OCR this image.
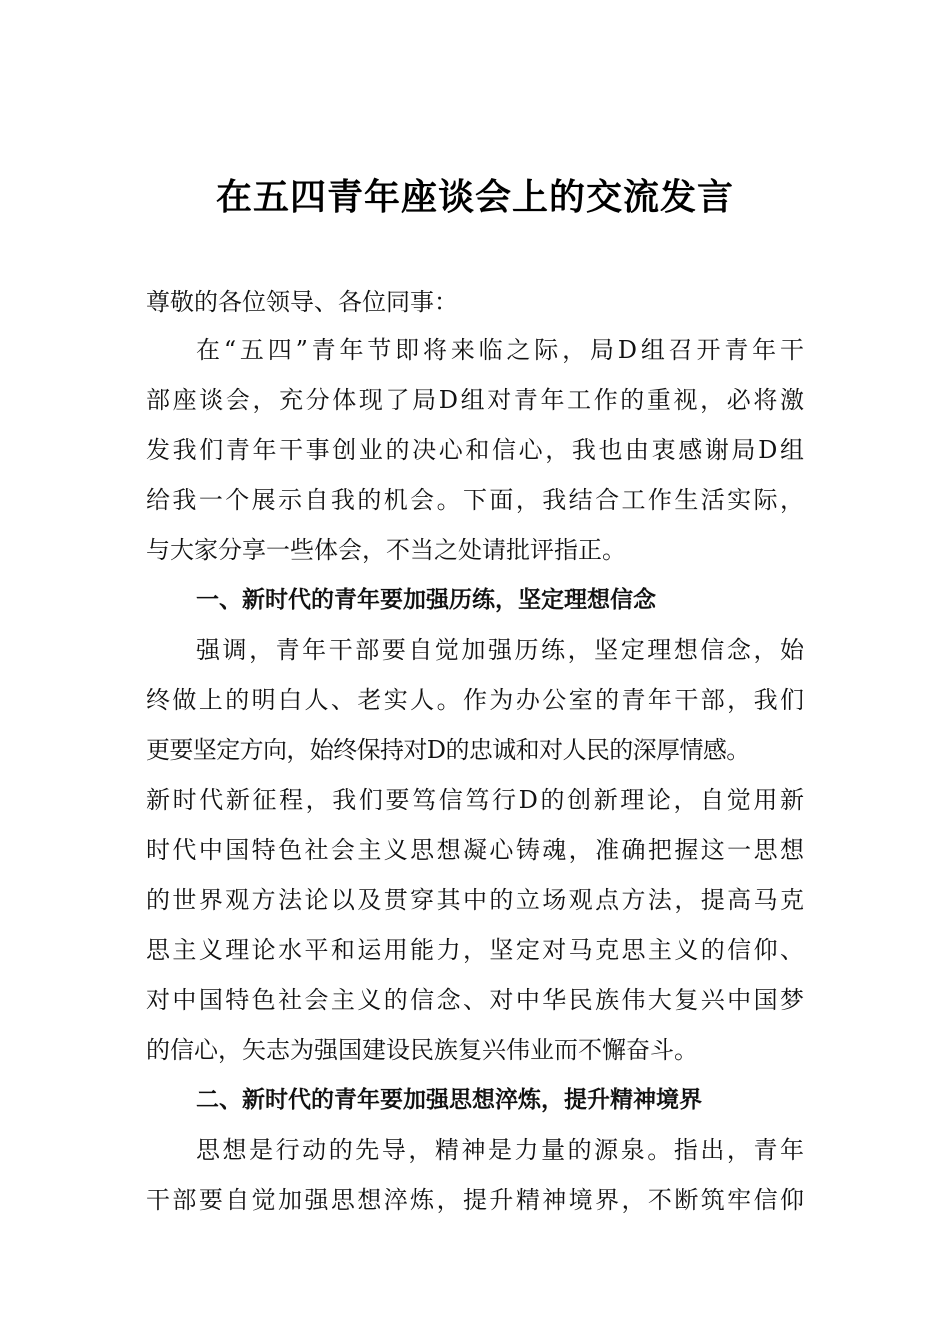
在五四青年座谈会上的交流发言
尊敬的各位领导、各位同事：
在“五四”青年节即将来临之际，局D组召开青年干
部座谈会，充分体现了局D组对青年工作的重视，必将激
发我们青年干事创业的决心和信心，我也由衷感谢局D组
给我一个展示自我的机会。下面，我结合工作生活实际，
与大家分享一些体会，不当之处请批评指正。
一、新时代的青年要加强历练，坚定理想信念
强调，青年干部要自觉加强历练，坚定理想信念，始
终做上的明白人、老实人。作为办公室的青年干部，我们
更要坚定方向，始终保持对D的忠诚和对人民的深厚情感。
新时代新征程，我们要笃信笃行D的创新理论，自觉用新
时代中国特色社会主义思想凝心铸魂，准确把握这一思想
的世界观方法论以及贯穿其中的立场观点方法，提高马克
思主义理论水平和运用能力，坚定对马克思主义的信仰、
对中国特色社会主义的信念、对中华民族伟大复兴中国梦
的信心，矢志为强国建设民族复兴伟业而不懈奋斗。
二、新时代的青年要加强思想淬炼，提升精神境界
思想是行动的先导，精神是力量的源泉。指出，青年
干部要自觉加强思想淬炼，提升精神境界，不断筑牢信仰
